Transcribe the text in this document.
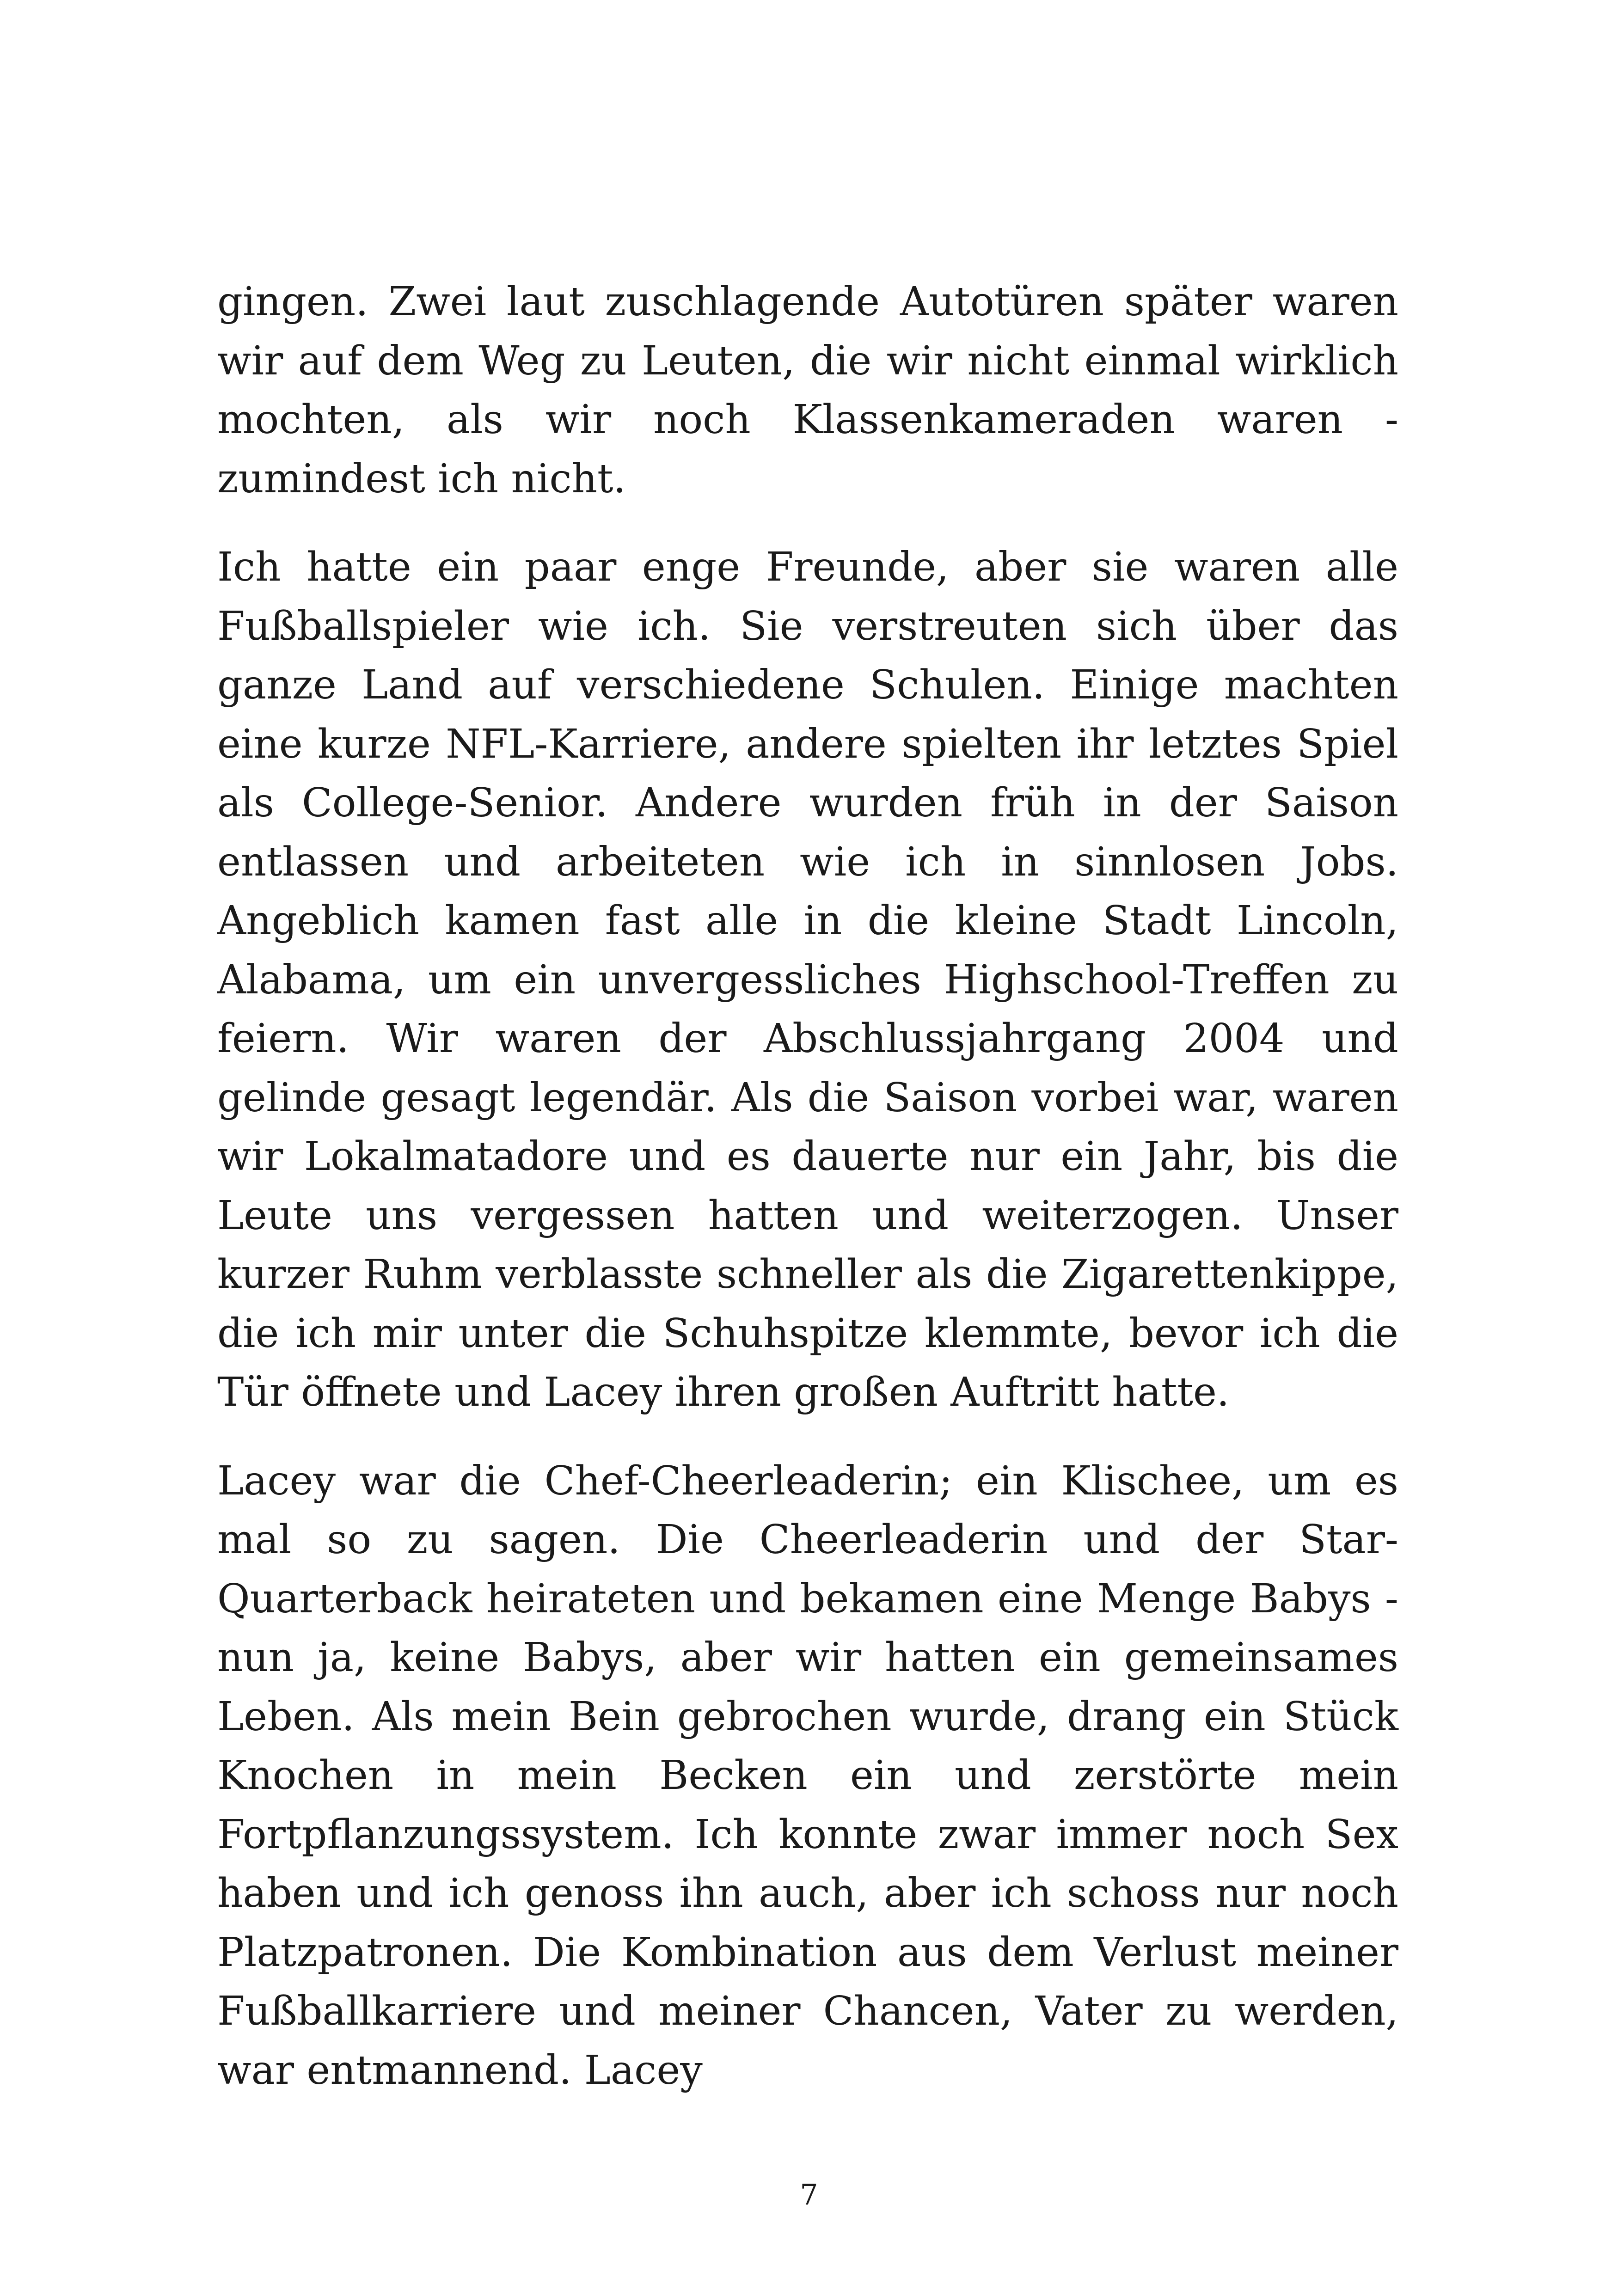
gingen. Zwei laut zuschlagende Autotüren später waren wir auf dem Weg zu Leuten, die wir nicht einmal wirklich mochten, als wir noch Klassenkameraden waren - zumindest ich nicht.

Ich hatte ein paar enge Freunde, aber sie waren alle Fußballspieler wie ich. Sie verstreuten sich über das ganze Land auf verschiedene Schulen. Einige machten eine kurze NFL-Karriere, andere spielten ihr letztes Spiel als College-Senior. Andere wurden früh in der Saison entlassen und arbeiteten wie ich in sinnlosen Jobs. Angeblich kamen fast alle in die kleine Stadt Lincoln, Alabama, um ein unvergessliches Highschool-Treffen zu feiern. Wir waren der Abschlussjahrgang 2004 und gelinde gesagt legendär. Als die Saison vorbei war, waren wir Lokalmatadore und es dauerte nur ein Jahr, bis die Leute uns vergessen hatten und weiterzogen. Unser kurzer Ruhm verblasste schneller als die Zigarettenkippe, die ich mir unter die Schuhspitze klemmte, bevor ich die Tür öffnete und Lacey ihren großen Auftritt hatte.

Lacey war die Chef-Cheerleaderin; ein Klischee, um es mal so zu sagen. Die Cheerleaderin und der Star-Quarterback heirateten und bekamen eine Menge Babys - nun ja, keine Babys, aber wir hatten ein gemeinsames Leben. Als mein Bein gebrochen wurde, drang ein Stück Knochen in mein Becken ein und zerstörte mein Fortpflanzungssystem. Ich konnte zwar immer noch Sex haben und ich genoss ihn auch, aber ich schoss nur noch Platzpatronen. Die Kombination aus dem Verlust meiner Fußballkarriere und meiner Chancen, Vater zu werden, war entmannend. Lacey

7
